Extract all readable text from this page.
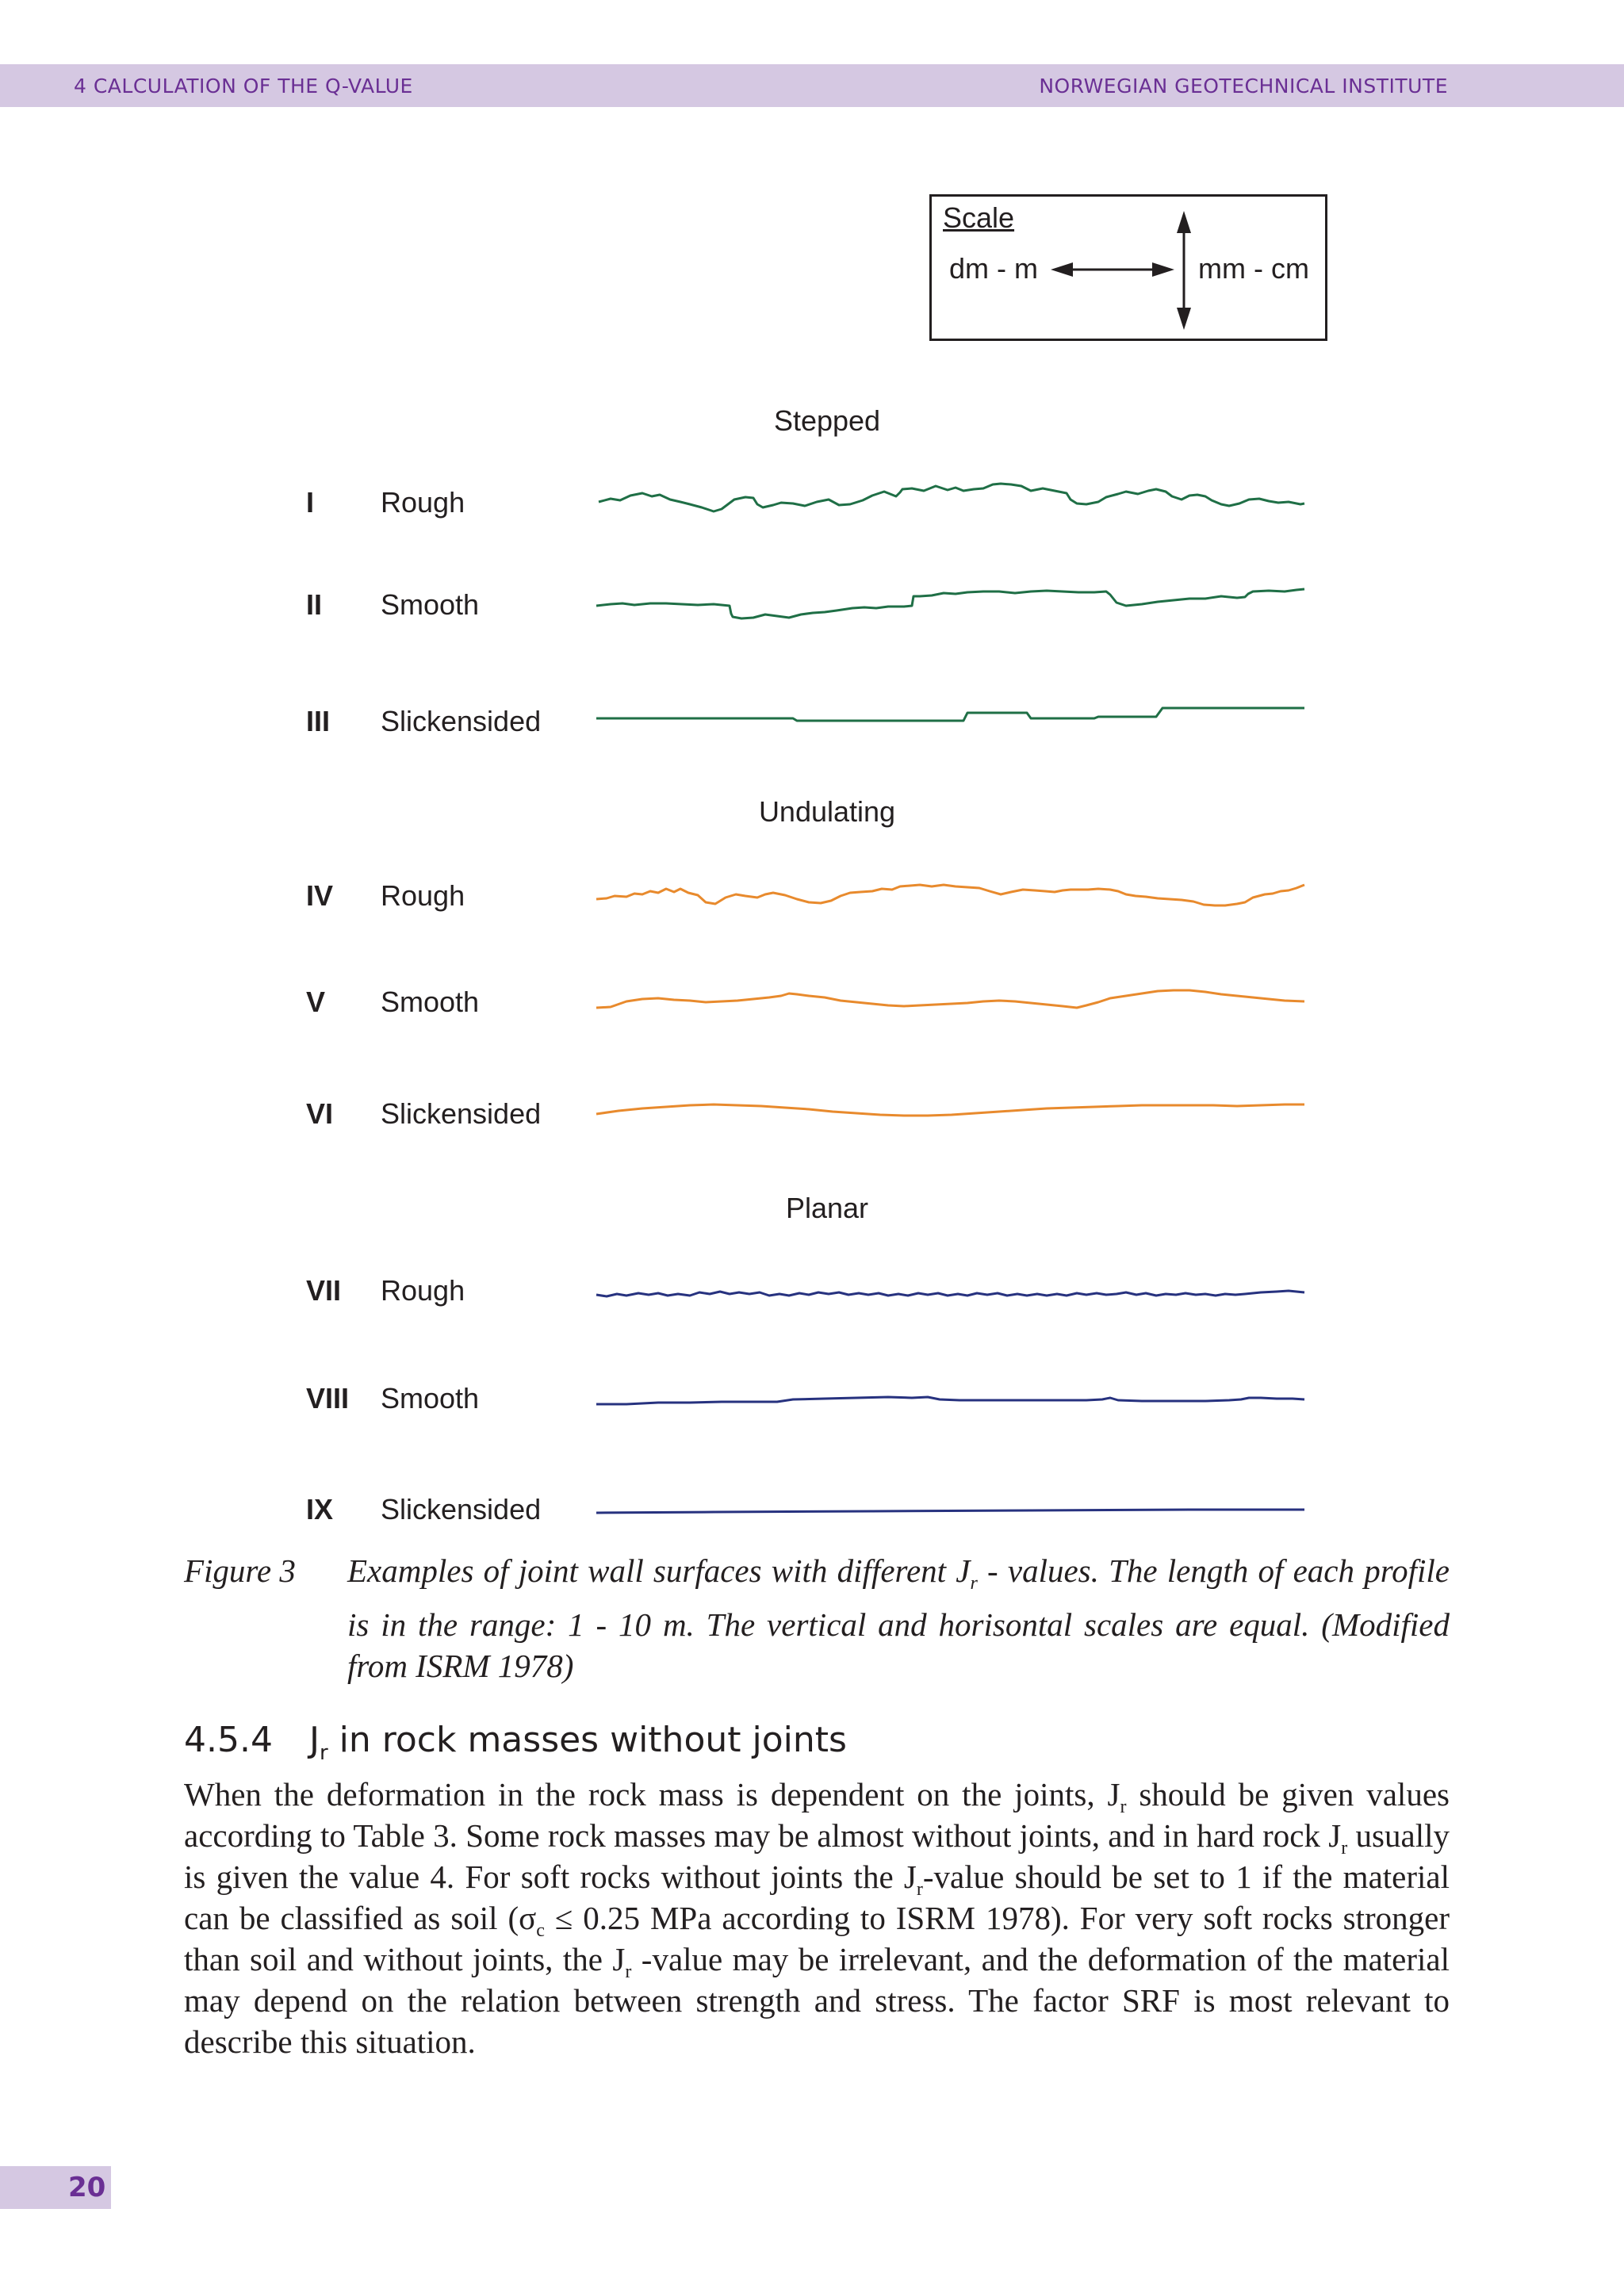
4 CALCULATION OF THE Q-VALUE	NORWEGIAN GEOTECHNICAL INSTITUTE
Scale
dm - m	mm - cm
Stepped
Undulating
Planar
I Rough
II Smooth
III Slickensided
IV Rough
V Smooth
VI Slickensided
VII Rough
VIII Smooth
IX Slickensided
Figure 3 Examples of joint wall surfaces with different $J_r$ - values. The length of each profile is in the range: 1 - 10 m. The vertical and horisontal scales are equal. (Modified from ISRM 1978)
4.5.4 $J_r$ in rock masses without joints
When the deformation in the rock mass is dependent on the joints, $J_r$ should be given values according to Table 3. Some rock masses may be almost without joints, and in hard rock $J_r$ usually is given the value 4. For soft rocks without joints the $J_r$-value should be set to 1 if the material can be classified as soil ($\sigma_c \le 0.25$ MPa according to ISRM 1978). For very soft rocks stronger than soil and without joints, the $J_r$ -value may be irrelevant, and the deformation of the material may depend on the relation between strength and stress. The factor SRF is most relevant to describe this situation.
20
